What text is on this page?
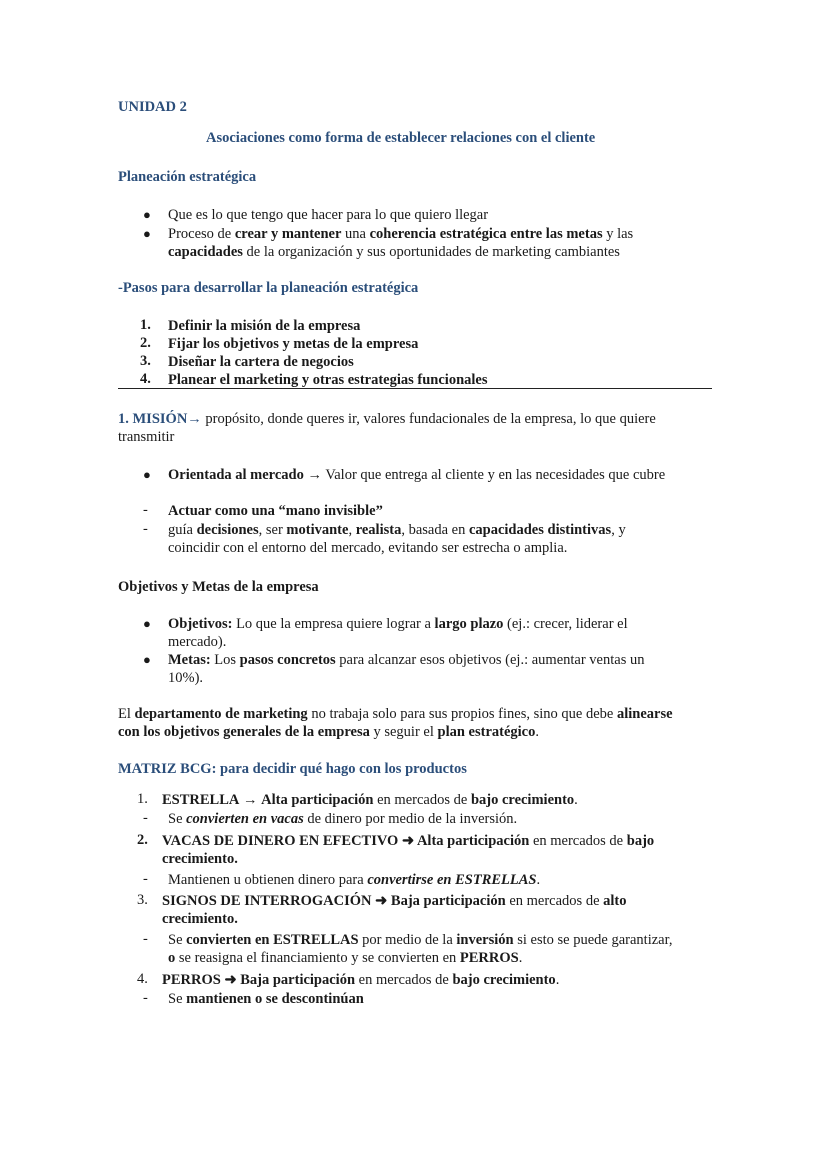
UNIDAD 2

Asociaciones como forma de establecer relaciones con el cliente

Planeación estratégica

● Que es lo que tengo que hacer para lo que quiero llegar

● Proceso de crear y mantener una coherencia estratégica entre las metas y las
capacidades de la organización y sus oportunidades de marketing cambiantes

-Pasos para desarrollar la planeación estratégica

1. Definir la misión de la empresa

2. Fijar los objetivos y metas de la empresa

3. Diseñar la cartera de negocios

4. Planear el marketing y otras estrategias funcionales

1. MISIÓN→ propósito, donde queres ir, valores fundacionales de la empresa, lo que quiere
transmitir

● Orientada al mercado → Valor que entrega al cliente y en las necesidades que cubre

- Actuar como una “mano invisible”

- guía decisiones, ser motivante, realista, basada en capacidades distintivas, y
coincidir con el entorno del mercado, evitando ser estrecha o amplia.

Objetivos y Metas de la empresa

● Objetivos: Lo que la empresa quiere lograr a largo plazo (ej.: crecer, liderar el
mercado).

● Metas: Los pasos concretos para alcanzar esos objetivos (ej.: aumentar ventas un
10%).

El departamento de marketing no trabaja solo para sus propios fines, sino que debe alinearse
con los objetivos generales de la empresa y seguir el plan estratégico.

MATRIZ BCG: para decidir qué hago con los productos

1. ESTRELLA → Alta participación en mercados de bajo crecimiento.

- Se convierten en vacas de dinero por medio de la inversión.

2. VACAS DE DINERO EN EFECTIVO ➜ Alta participación en mercados de bajo
crecimiento.

- Mantienen u obtienen dinero para convertirse en ESTRELLAS.

3. SIGNOS DE INTERROGACIÓN ➜ Baja participación en mercados de alto
crecimiento.

- Se convierten en ESTRELLAS por medio de la inversión si esto se puede garantizar,
o se reasigna el financiamiento y se convierten en PERROS.

4. PERROS ➜ Baja participación en mercados de bajo crecimiento.

- Se mantienen o se descontinúan
